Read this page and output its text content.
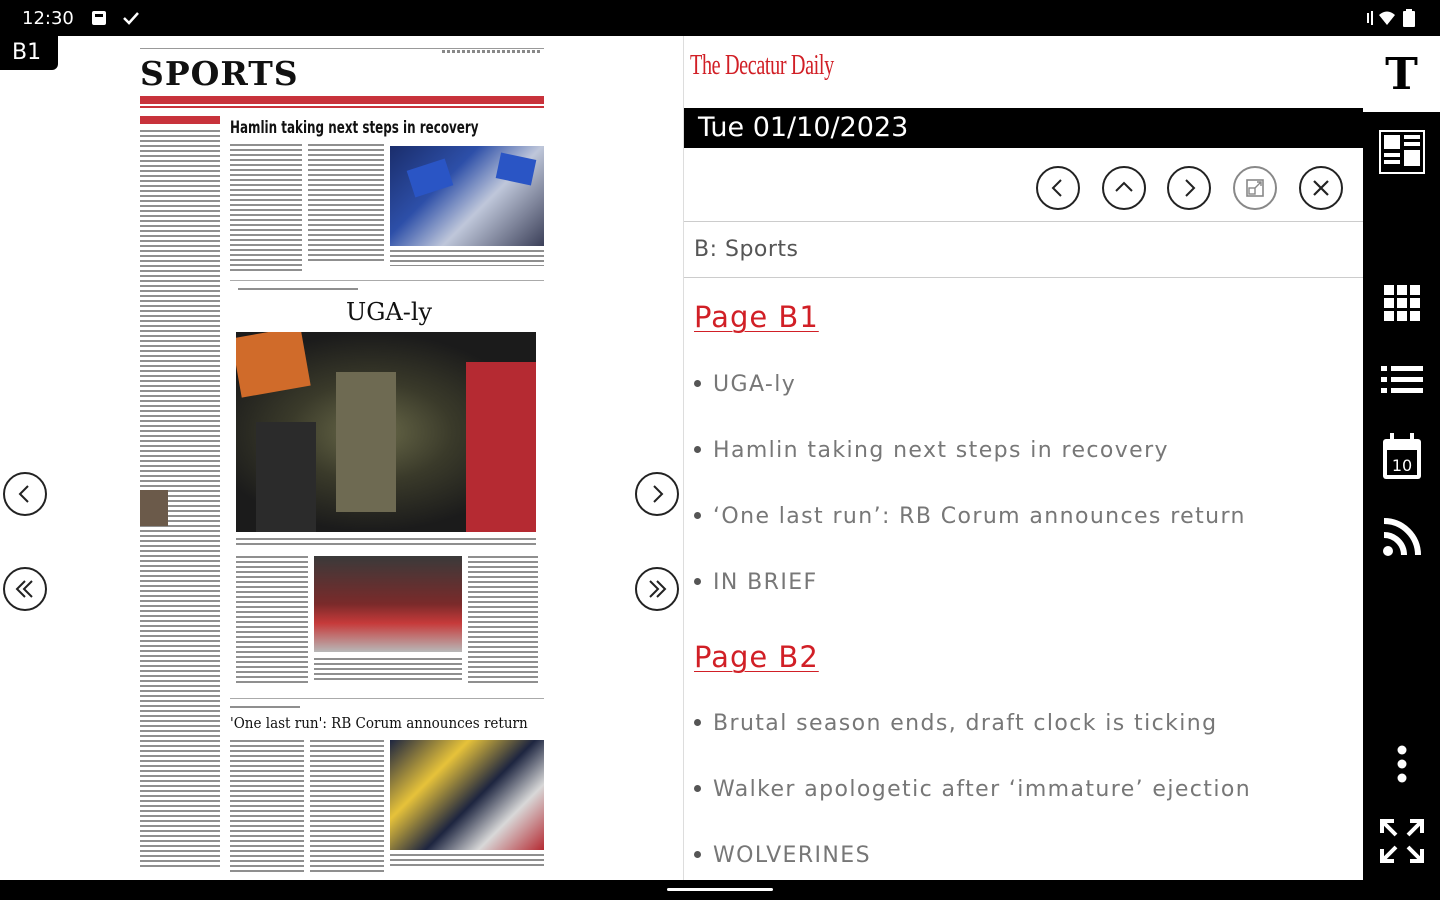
12:30
SPORTS
Hamlin taking next steps in recovery
UGA-ly
'One last run': RB Corum announces return
B1	The Decatur Daily
Tue 01/10/2023
B: Sports
Page B1
UGA-ly
Hamlin taking next steps in recovery
‘One last run’: RB Corum announces return
IN BRIEF
Page B2
Brutal season ends, draft clock is ticking
Walker apologetic after ‘immature’ ejection
WOLVERINES
T
10
